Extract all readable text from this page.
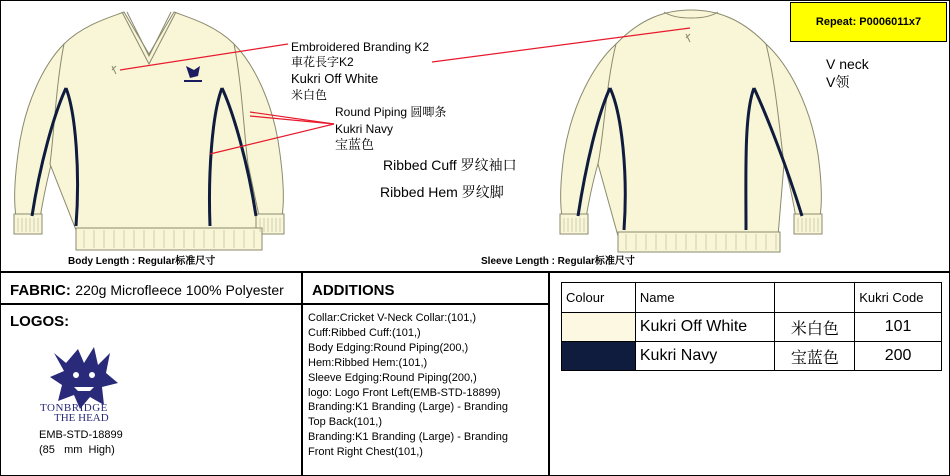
Repeat: P0006011x7
Embroidered Branding K2
車花長字K2
Kukri Off White
米白色
Round Piping 圆唧条
Kukri Navy
宝蓝色
Ribbed Cuff 罗纹袖口
Ribbed Hem 罗纹脚
V neck
V领
Body Length : Regular标准尺寸	Sleeve Length : Regular标准尺寸
FABRIC: 220g Microfleece 100% Polyester
LOGOS:
TONBRIDGE
THE HEAD
EMB-STD-18899
(85   mm  High)
ADDITIONS
Collar:Cricket V-Neck Collar:(101,)
Cuff:Ribbed Cuff:(101,)
Body Edging:Round Piping(200,)
Hem:Ribbed Hem:(101,)
Sleeve Edging:Round Piping(200,)
logo: Logo Front Left(EMB-STD-18899)
Branding:K1 Branding (Large) - Branding
Top Back(101,)
Branding:K1 Branding (Large) - Branding
Front Right Chest(101,)
Colour	Name		Kukri Code
	Kukri Off White	米白色	101
	Kukri Navy	宝蓝色	200
